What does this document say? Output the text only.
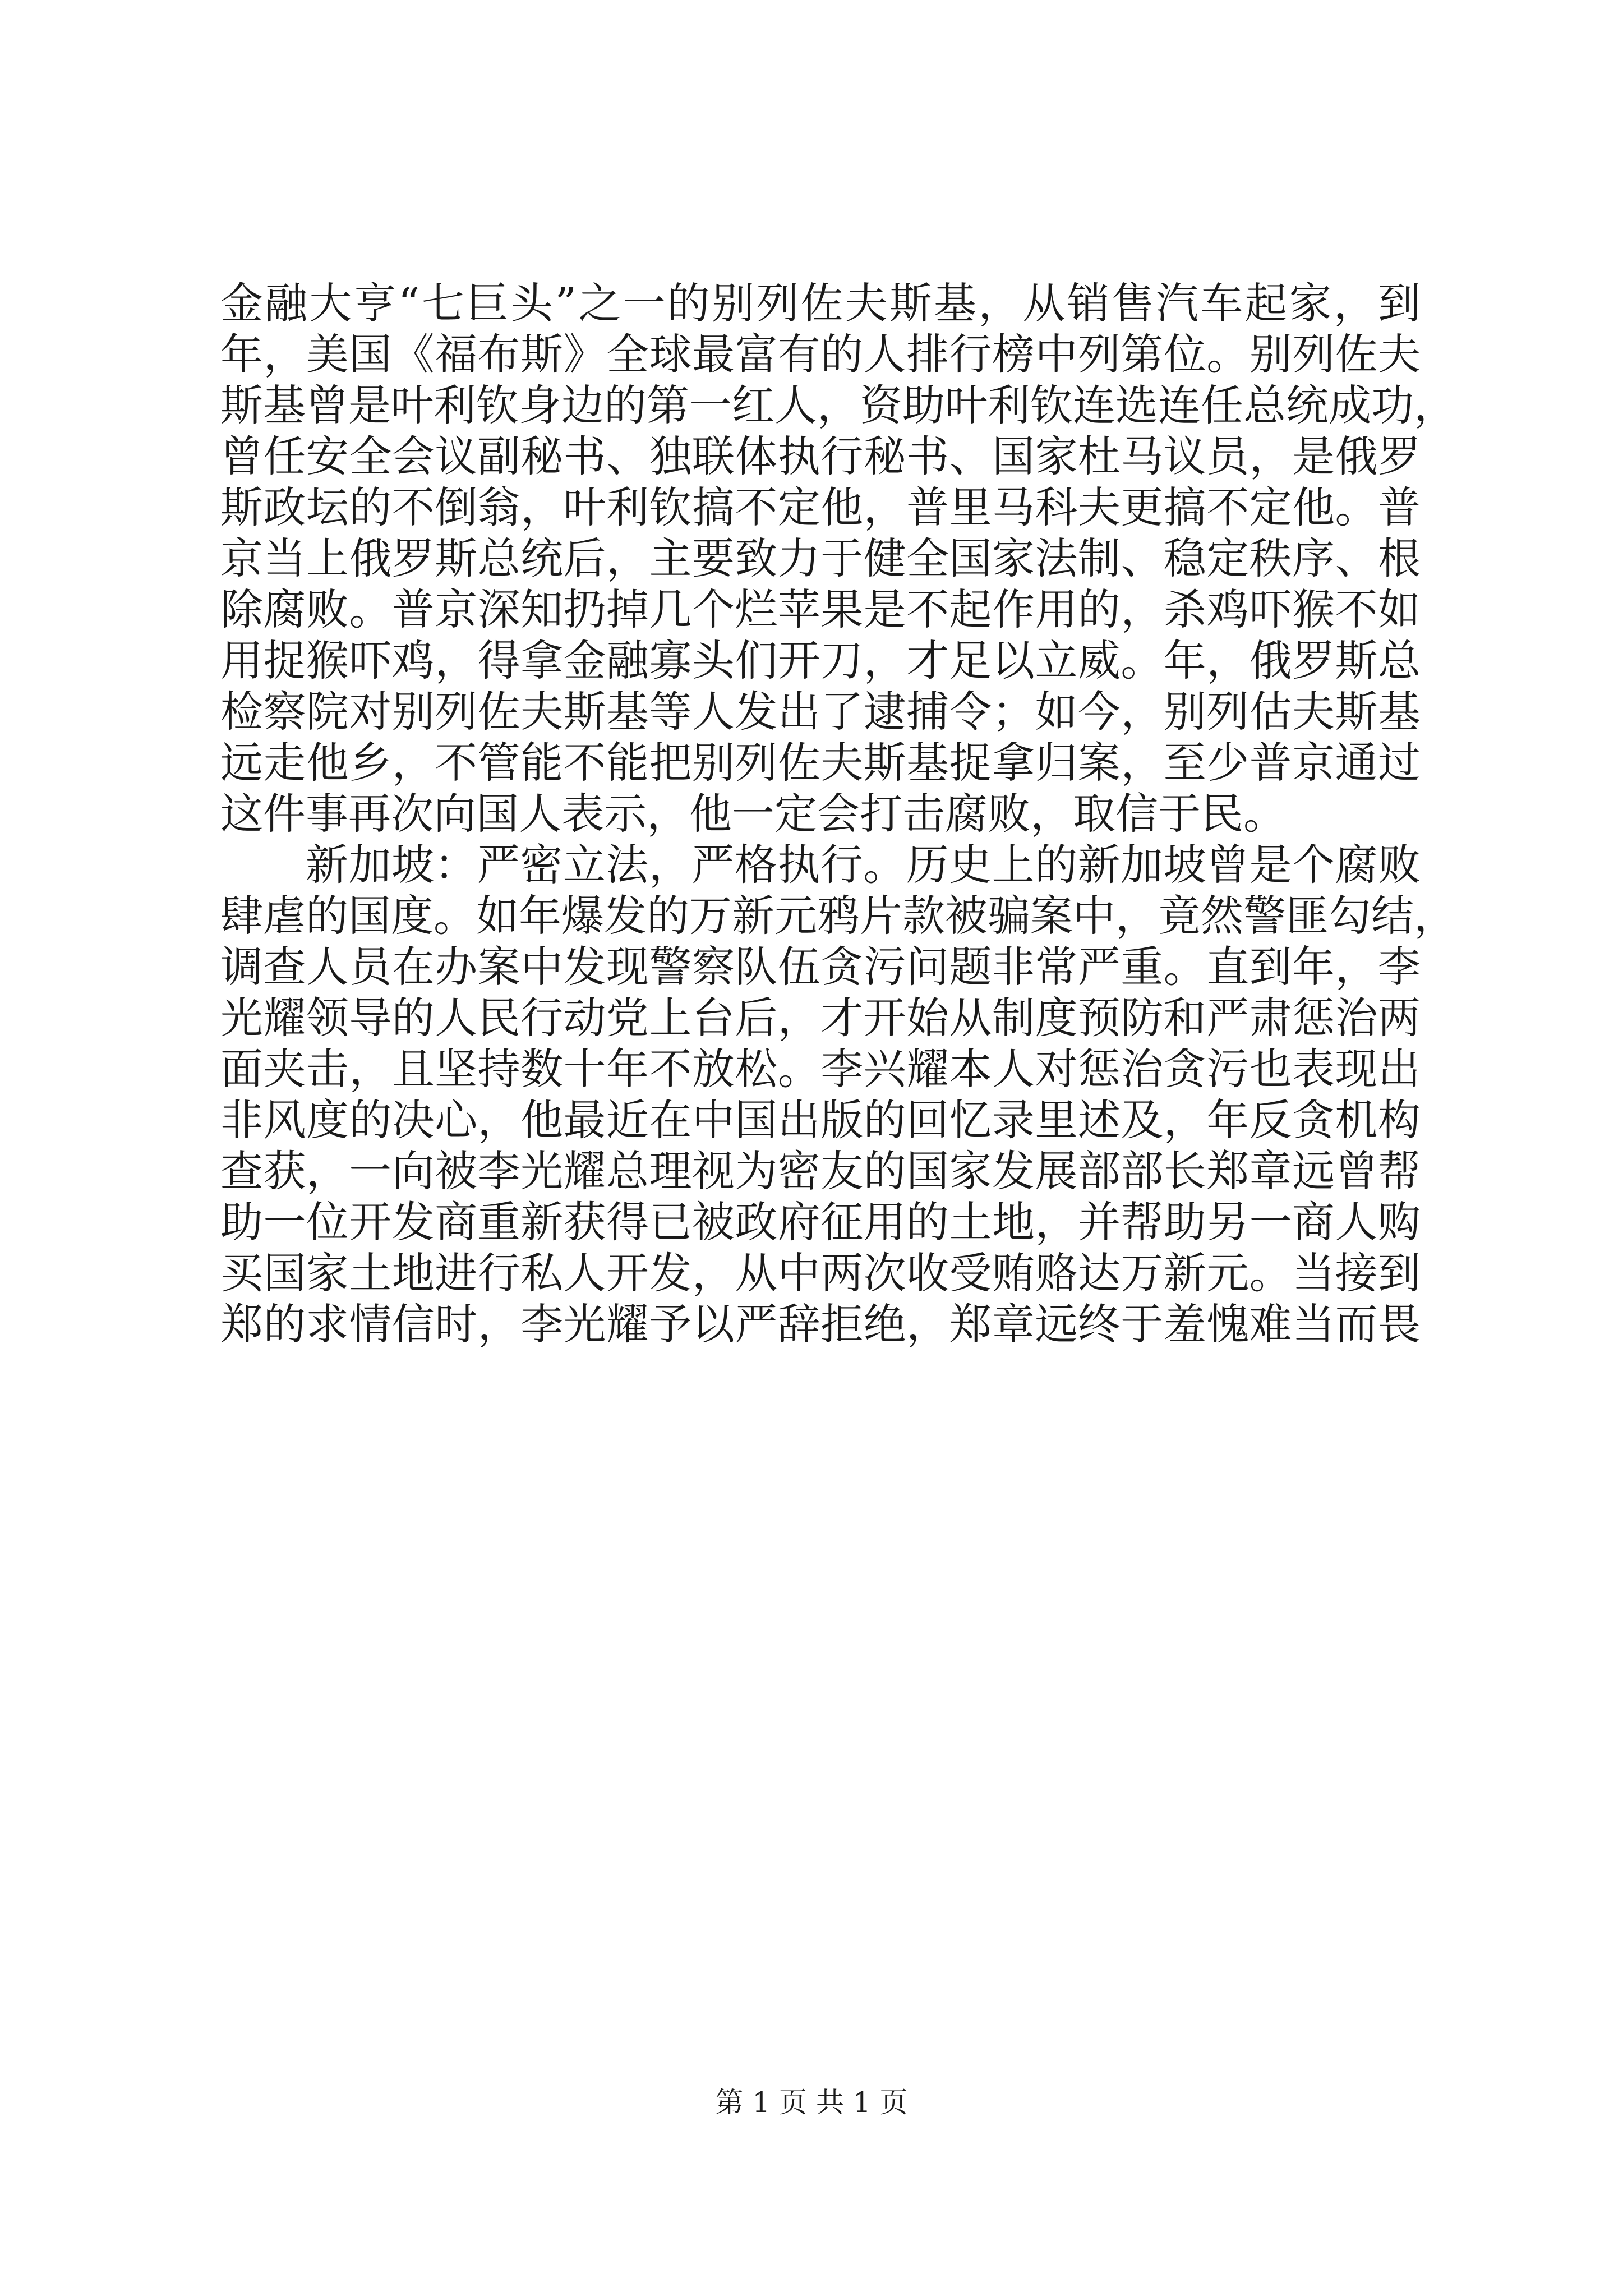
金融大亨“七巨头”之一的别列佐夫斯基，从销售汽车起家，到
年，美国《福布斯》全球最富有的人排行榜中列第位。别列佐夫
斯基曾是叶利钦身边的第一红人，资助叶利钦连选连任总统成功，
曾任安全会议副秘书、独联体执行秘书、国家杜马议员，是俄罗
斯政坛的不倒翁，叶利钦搞不定他，普里马科夫更搞不定他。普
京当上俄罗斯总统后，主要致力于健全国家法制、稳定秩序、根
除腐败。普京深知扔掉几个烂苹果是不起作用的，杀鸡吓猴不如
用捉猴吓鸡，得拿金融寡头们开刀，才足以立威。年，俄罗斯总
检察院对别列佐夫斯基等人发出了逮捕令；如今，别列估夫斯基
远走他乡，不管能不能把别列佐夫斯基捉拿归案，至少普京通过
这件事再次向国人表示，他一定会打击腐败，取信于民。
新加坡：严密立法，严格执行。历史上的新加坡曾是个腐败
肆虐的国度。如年爆发的万新元鸦片款被骗案中，竟然警匪勾结，
调查人员在办案中发现警察队伍贪污问题非常严重。直到年，李
光耀领导的人民行动党上台后，才开始从制度预防和严肃惩治两
面夹击，且坚持数十年不放松。李兴耀本人对惩治贪污也表现出
非风度的决心，他最近在中国出版的回忆录里述及，年反贪机构
查获，一向被李光耀总理视为密友的国家发展部部长郑章远曾帮
助一位开发商重新获得已被政府征用的土地，并帮助另一商人购
买国家土地进行私人开发，从中两次收受贿赂达万新元。当接到
郑的求情信时，李光耀予以严辞拒绝，郑章远终于羞愧难当而畏
第 1 页 共 1 页
